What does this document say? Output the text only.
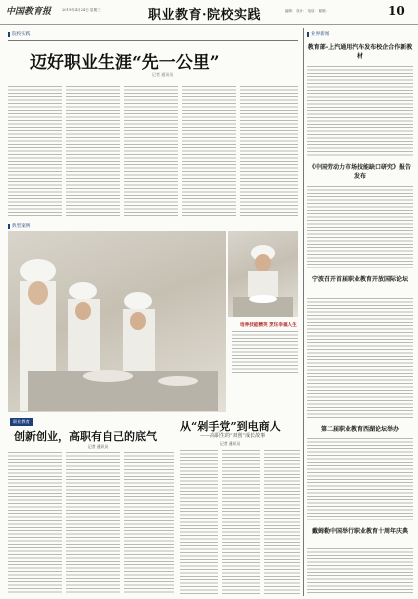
中国教育报	2019年4月24日 星期三	职业教育·院校实践	编辑： 设计： 电话： 邮箱：	10
院校实践
迈好职业生涯“先一公里”
记者 通讯员
典型案例
培养技能精英 烹饪幸福人生
职业教育
创新创业，高职有自己的底气
记者 通讯员
从“剁手党”到电商人
——高职生的“双创”成长故事
记者 通讯员
业界新闻
教育部-上汽通用汽车发布校企合作新教材
《中国劳动力市场技能缺口研究》报告发布
宁波召开首届职业教育开放国际论坛
第二届职业教育西湖论坛举办
戴姆勒中国举行职业教育十周年庆典
